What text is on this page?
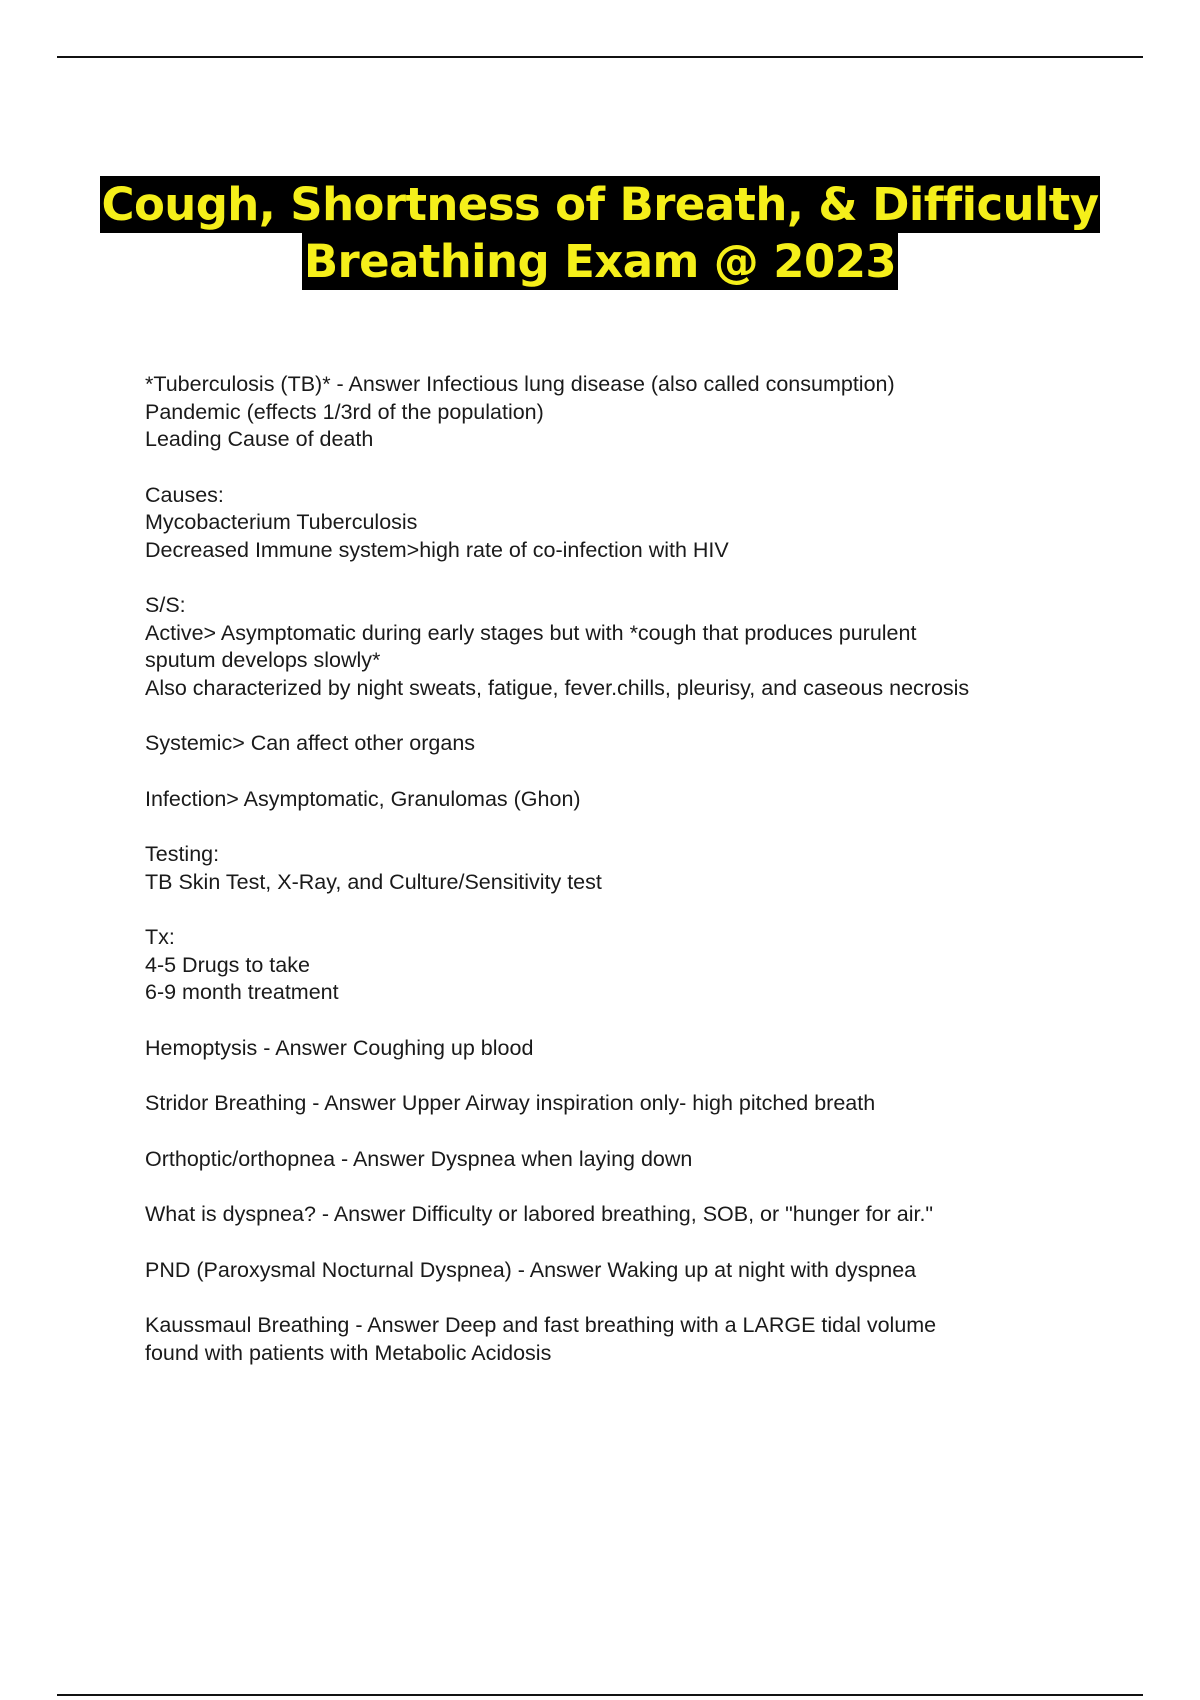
Cough, Shortness of Breath, & Difficulty
Breathing Exam @ 2023

*Tuberculosis (TB)* - Answer Infectious lung disease (also called consumption)
Pandemic (effects 1/3rd of the population)
Leading Cause of death

Causes:
Mycobacterium Tuberculosis
Decreased Immune system>high rate of co-infection with HIV

S/S:
Active> Asymptomatic during early stages but with *cough that produces purulent
sputum develops slowly*
Also characterized by night sweats, fatigue, fever.chills, pleurisy, and caseous necrosis

Systemic> Can affect other organs

Infection> Asymptomatic, Granulomas (Ghon)

Testing:
TB Skin Test, X-Ray, and Culture/Sensitivity test

Tx:
4-5 Drugs to take
6-9 month treatment

Hemoptysis - Answer Coughing up blood

Stridor Breathing - Answer Upper Airway inspiration only- high pitched breath

Orthoptic/orthopnea - Answer Dyspnea when laying down

What is dyspnea? - Answer Difficulty or labored breathing, SOB, or "hunger for air."

PND (Paroxysmal Nocturnal Dyspnea) - Answer Waking up at night with dyspnea

Kaussmaul Breathing - Answer Deep and fast breathing with a LARGE tidal volume
found with patients with Metabolic Acidosis
